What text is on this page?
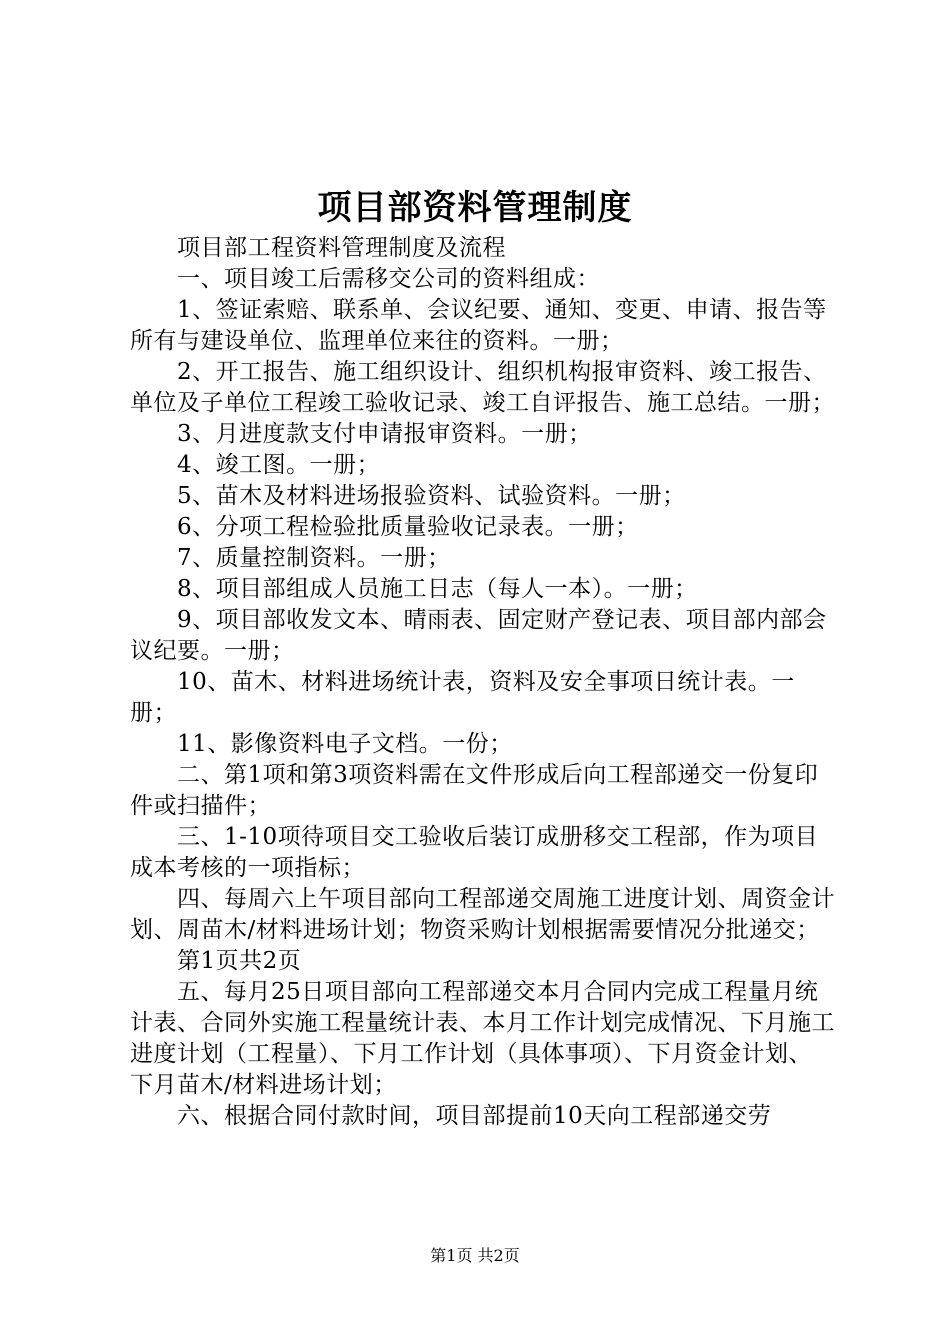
项目部资料管理制度

项目部工程资料管理制度及流程

一、项目竣工后需移交公司的资料组成：

1、签证索赔、联系单、会议纪要、通知、变更、申请、报告等所有与建设单位、监理单位来往的资料。一册；

2、开工报告、施工组织设计、组织机构报审资料、竣工报告、单位及子单位工程竣工验收记录、竣工自评报告、施工总结。一册；

3、月进度款支付申请报审资料。一册；

4、竣工图。一册；

5、苗木及材料进场报验资料、试验资料。一册；

6、分项工程检验批质量验收记录表。一册；

7、质量控制资料。一册；

8、项目部组成人员施工日志（每人一本）。一册；

9、项目部收发文本、晴雨表、固定财产登记表、项目部内部会议纪要。一册；

10、苗木、材料进场统计表，资料及安全事项日统计表。一册；

11、影像资料电子文档。一份；

二、第1项和第3项资料需在文件形成后向工程部递交一份复印件或扫描件；

三、1-10项待项目交工验收后装订成册移交工程部，作为项目成本考核的一项指标；

四、每周六上午项目部向工程部递交周施工进度计划、周资金计划、周苗木/材料进场计划；物资采购计划根据需要情况分批递交；

第1页共2页

五、每月25日项目部向工程部递交本月合同内完成工程量月统计表、合同外实施工程量统计表、本月工作计划完成情况、下月施工进度计划（工程量）、下月工作计划（具体事项）、下月资金计划、下月苗木/材料进场计划；

六、根据合同付款时间，项目部提前10天向工程部递交劳

第1页 共2页
